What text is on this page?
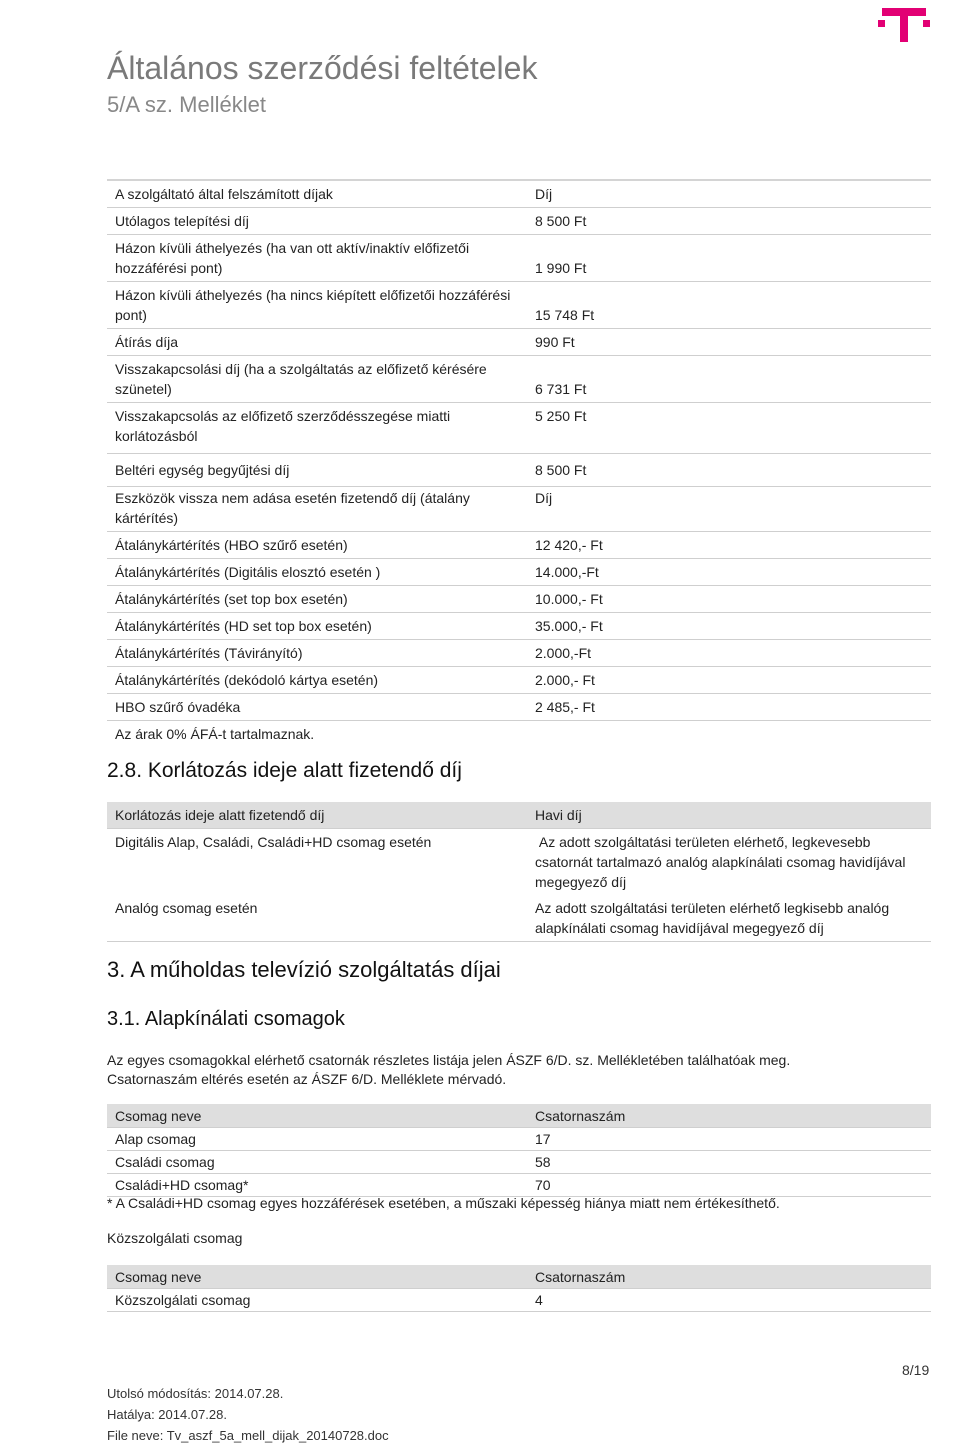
Általános szerződési feltételek
5/A sz. Melléklet
A szolgáltató által felszámított díjak	Díj
Utólagos telepítési díj	8 500 Ft
Házon kívüli áthelyezés (ha van ott aktív/inaktív előfizetői hozzáférési pont)	1 990 Ft
Házon kívüli áthelyezés (ha nincs kiépített előfizetői hozzáférési pont)	15 748 Ft
Átírás díja	990 Ft
Visszakapcsolási díj (ha a szolgáltatás az előfizető kérésére szünetel)	6 731 Ft
Visszakapcsolás az előfizető szerződésszegése miatti korlátozásból	5 250 Ft
Beltéri egység begyűjtési díj	8 500 Ft
Eszközök vissza nem adása esetén fizetendő díj (átalány kártérítés)	Díj
Átalánykártérítés (HBO szűrő esetén)	12 420,- Ft
Átalánykártérítés (Digitális elosztó esetén )	14.000,-Ft
Átalánykártérítés (set top box esetén)	10.000,- Ft
Átalánykártérítés (HD set top box esetén)	35.000,- Ft
Átalánykártérítés (Távirányító)	2.000,-Ft
Átalánykártérítés (dekódoló kártya esetén)	2.000,- Ft
HBO szűrő óvadéka	2 485,- Ft
Az árak 0% ÁFÁ-t tartalmaznak.	
2.8. Korlátozás ideje alatt fizetendő díj
Korlátozás ideje alatt fizetendő díj	Havi díj
Digitális Alap, Családi, Családi+HD csomag esetén	Az adott szolgáltatási területen elérhető, legkevesebb csatornát tartalmazó analóg alapkínálati csomag havidíjával megegyező díj
Analóg csomag esetén	Az adott szolgáltatási területen elérhető legkisebb analóg alapkínálati csomag havidíjával megegyező díj
3. A műholdas televízió szolgáltatás díjai
3.1. Alapkínálati csomagok

Az egyes csomagokkal elérhető csatornák részletes listája jelen ÁSZF 6/D. sz. Mellékletében találhatóak meg.

Csatornaszám eltérés esetén az ÁSZF 6/D. Melléklete mérvadó.

Csomag neve	Csatornaszám
Alap csomag	17
Családi csomag	58
Családi+HD csomag*	70

* A Családi+HD csomag egyes hozzáférések esetében, a műszaki képesség hiánya miatt nem értékesíthető.

Közszolgálati csomag

Csomag neve	Csatornaszám
Közszolgálati csomag	4
8/19
Utolsó módosítás: 2014.07.28.
Hatálya: 2014.07.28.
File neve: Tv_aszf_5a_mell_dijak_20140728.doc
